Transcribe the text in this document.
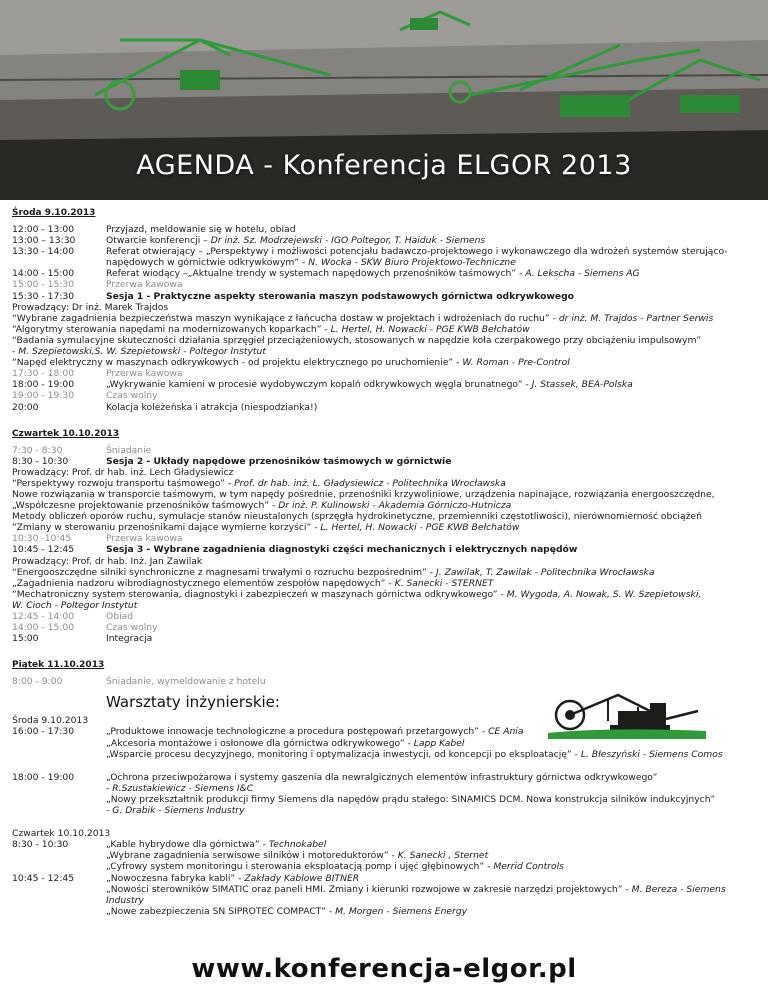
AGENDA - Konferencja ELGOR 2013
Środa 9.10.2013
12:00 - 13:00	Przyjazd, meldowanie się w hotelu, obiad
13:00 – 13:30	Otwarcie konferencji – Dr inż. Sz. Modrzejewski - IGO Poltegor, T. Haiduk - Siemens
13:30 - 14:00	Referat otwierający – „Perspektywy i możliwości potencjału badawczo-projektowego i wykonawczego dla wdrożeń systemów sterująco-napędowych w górnictwie odkrywkowym” - N. Wocka - SKW Biuro Projektowo-Techniczne
14:00 - 15:00	Referat wiodący –„Aktualne trendy w systemach napędowych przenośników taśmowych” - A. Lekscha - Siemens AG
15:00 - 15:30	Przerwa kawowa
15:30 - 17:30	Sesja 1 - Praktyczne aspekty sterowania maszyn podstawowych górnictwa odkrywkowego
Prowadzący: Dr inż. Marek Trajdos
“Wybrane zagadnienia bezpieczeństwa maszyn wynikające z łańcucha dostaw w projektach i wdrożeniach do ruchu” - dr inż. M. Trajdos - Partner Serwis
“Algorytmy sterowania napędami na modernizowanych koparkach” - L. Hertel, H. Nowacki - PGE KWB Bełchatów
“Badania symulacyjne skuteczności działania sprzęgieł przeciążeniowych, stosowanych w napędzie koła czerpakowego przy obciążeniu impulsowym”
- M. Szepietowski,S. W. Szepietowski - Poltegor Instytut
“Napęd elektryczny w maszynach odkrywkowych - od projektu elektrycznego po uruchomienie” - W. Roman - Pre-Control
17:30 - 18:00	Przerwa kawowa
18:00 - 19:00	„Wykrywanie kamieni w procesie wydobywczym kopalń odkrywkowych węgla brunatnego” - J. Stassek, BEA-Polska
19:00 - 19:30	Czas wolny
20:00	Kolacja koleżeńska i atrakcja (niespodzianka!)
Czwartek 10.10.2013
7:30 - 8:30	Śniadanie
8:30 - 10:30	Sesja 2 - Układy napędowe przenośników taśmowych w górnictwie
Prowadzący: Prof. dr hab. inż. Lech Gładysiewicz
“Perspektywy rozwoju transportu taśmowego” - Prof. dr hab. inż. L. Gładysiewicz - Politechnika Wrocławska
Nowe rozwiązania w transporcie taśmowym, w tym napędy pośrednie, przenośniki krzywoliniowe, urządzenia napinające, rozwiązania energooszczędne,
„Współczesne projektowanie przenośników taśmowych” - Dr inż. P. Kulinowski - Akademia Górniczo-Hutnicza
Metody obliczeń oporów ruchu, symulacje stanów nieustalonych (sprzęgła hydrokinetyczne, przemienniki częstotliwości), nierównomierność obciążeń
“Zmiany w sterowaniu przenośnikami dające wymierne korzyści” - L. Hertel, H. Nowacki - PGE KWB Bełchatów
10:30 -10:45	Przerwa kawowa
10:45 - 12:45	Sesja 3 - Wybrane zagadnienia diagnostyki części mechanicznych i elektrycznych napędów
Prowadzący: Prof. dr hab. Inż. Jan Zawilak
“Energooszczędne silniki synchroniczne z magnesami trwałymi o rozruchu bezpośrednim” - J. Zawilak, T. Zawilak - Politechnika Wrocławska
„Zagadnienia nadzoru wibrodiagnostycznego elementów zespołów napędowych” - K. Sanecki - STERNET
“Mechatroniczny system sterowania, diagnostyki i zabezpieczeń w maszynach górnictwa odkrywkowego” - M. Wygoda, A. Nowak, S. W. Szepietowski,
W. Cioch - Poltegor Instytut
12:45 - 14:00	Obiad
14:00 - 15:00	Czas wolny
15:00	Integracja
Piątek 11.10.2013
8:00 - 9:00	Śniadanie, wymeldowanie z hotelu
Warsztaty inżynierskie:
Środa 9.10.2013
16:00 - 17:30	„Produktowe innowacje technologiczne a procedura postępowań przetargowych” - CE Ania
„Akcesoria montażowe i osłonowe dla górnictwa odkrywkowego” - Lapp Kabel
„Wsparcie procesu decyzyjnego, monitoring i optymalizacja inwestycji, od koncepcji po eksploatację” - L. Błeszyński - Siemens Comos
18:00 - 19:00	„Ochrona przeciwpożarowa i systemy gaszenia dla newralgicznych elementów infrastruktury górnictwa odkrywkowego”
- R.Szustakiewicz - Siemens I&C
„Nowy przekształtnik produkcji firmy Siemens dla napędów prądu stałego: SINAMICS DCM. Nowa konstrukcja silników indukcyjnych”
- G. Drabik - Siemens Industry
Czwartek 10.10.2013
8:30 - 10:30	„Kable hybrydowe dla górnictwa” - Technokabel
„Wybrane zagadnienia serwisowe silników i motoreduktorów” - K. Sanecki , Sternet
„Cyfrowy system monitoringu i sterowania eksploatacją pomp i ujęć głębinowych” - Merrid Controls
10:45 - 12:45	„Nowoczesna fabryka kabli” - Zakłady Kablowe BITNER
„Nowości sterowników SIMATIC oraz paneli HMI. Zmiany i kierunki rozwojowe w zakresie narzędzi projektowych” - M. Bereza - Siemens Industry
„Nowe zabezpieczenia SN SIPROTEC COMPACT” - M. Morgen - Siemens Energy
www.konferencja-elgor.pl
